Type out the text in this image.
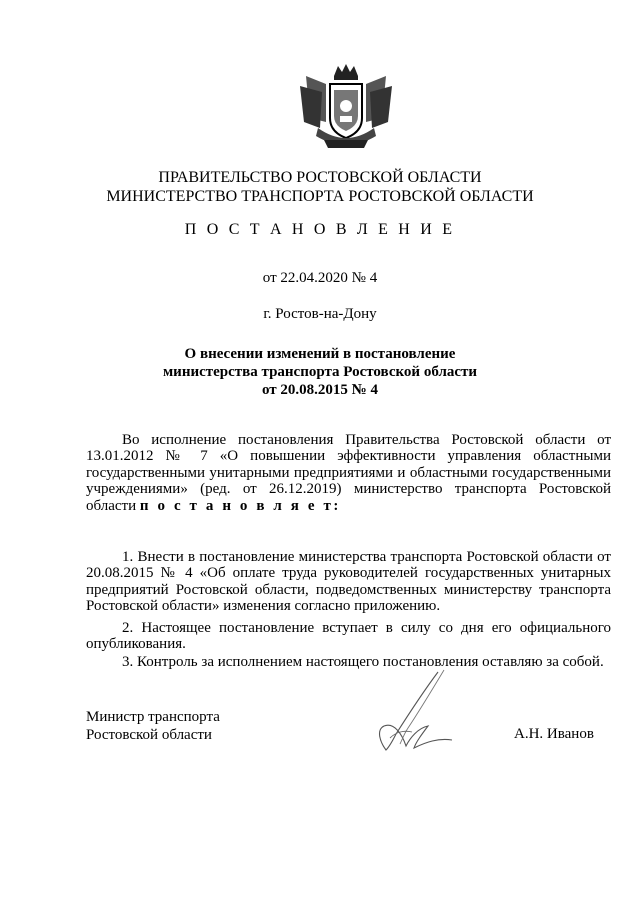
ПРАВИТЕЛЬСТВО РОСТОВСКОЙ ОБЛАСТИ
МИНИСТЕРСТВО ТРАНСПОРТА РОСТОВСКОЙ ОБЛАСТИ
П О С Т А Н О В Л Е Н И Е
от 22.04.2020 № 4
г. Ростов-на-Дону
О внесении изменений в постановление
министерства транспорта Ростовской области
от 20.08.2015 № 4
Во исполнение постановления Правительства Ростовской области от 13.01.2012 № 7 «О повышении эффективности управления областными государственными унитарными предприятиями и областными государственными учреждениями» (ред. от 26.12.2019) министерство транспорта Ростовской области п о с т а н о в л я е т:
1. Внести в постановление министерства транспорта Ростовской области от 20.08.2015 № 4 «Об оплате труда руководителей государственных унитарных предприятий Ростовской области, подведомственных министерству транспорта Ростовской области» изменения согласно приложению.
2. Настоящее постановление вступает в силу со дня его официального опубликования.
3. Контроль за исполнением настоящего постановления оставляю за собой.
Министр транспорта
Ростовской области	А.Н. Иванов
